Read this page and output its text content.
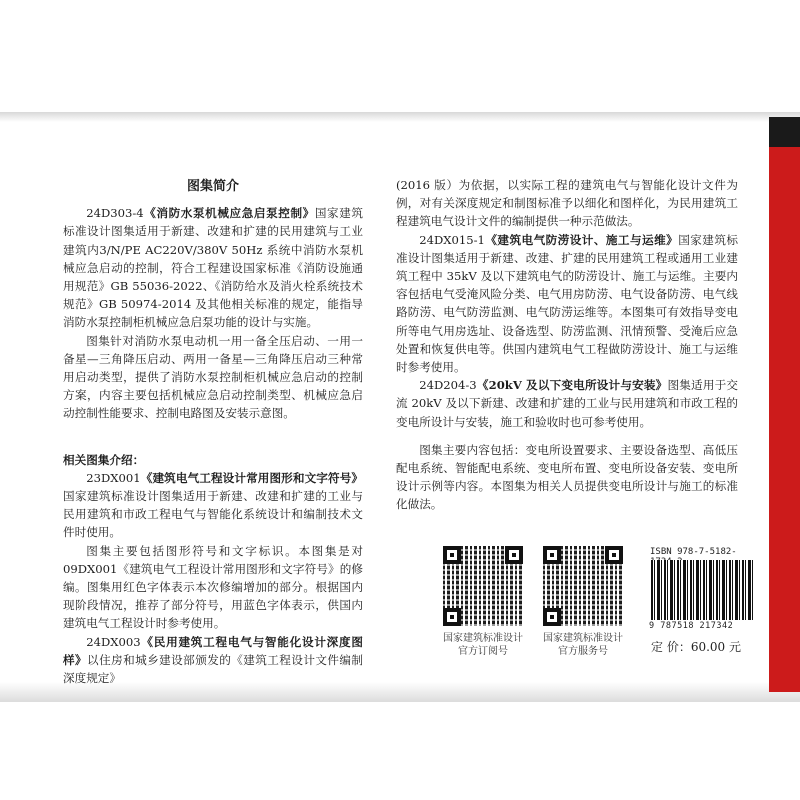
图集简介

24D303-4《消防水泵机械应急启泵控制》国家建筑标准设计图集适用于新建、改建和扩建的民用建筑与工业建筑内3/N/PE AC220V/380V 50Hz 系统中消防水泵机械应急启动的控制，符合工程建设国家标准《消防设施通用规范》GB 55036-2022、《消防给水及消火栓系统技术规范》GB 50974-2014 及其他相关标准的规定，能指导消防水泵控制柜机械应急启泵功能的设计与实施。

图集针对消防水泵电动机一用一备全压启动、一用一备星—三角降压启动、两用一备星—三角降压启动三种常用启动类型，提供了消防水泵控制柜机械应急启动的控制方案，内容主要包括机械应急启动控制类型、机械应急启动控制性能要求、控制电路图及安装示意图。

相关图集介绍：

23DX001《建筑电气工程设计常用图形和文字符号》国家建筑标准设计图集适用于新建、改建和扩建的工业与民用建筑和市政工程电气与智能化系统设计和编制技术文件时使用。

图集主要包括图形符号和文字标识。本图集是对 09DX001《建筑电气工程设计常用图形和文字符号》的修编。图集用红色字体表示本次修编增加的部分。根据国内现阶段情况，推荐了部分符号，用蓝色字体表示，供国内建筑电气工程设计时参考使用。

24DX003《民用建筑工程电气与智能化设计深度图样》以住房和城乡建设部颁发的《建筑工程设计文件编制深度规定》

(2016 版）为依据，以实际工程的建筑电气与智能化设计文件为例，对有关深度规定和制图标准予以细化和图样化，为民用建筑工程建筑电气设计文件的编制提供一种示范做法。

24DX015-1《建筑电气防涝设计、施工与运维》国家建筑标准设计图集适用于新建、改建、扩建的民用建筑工程或通用工业建筑工程中 35kV 及以下建筑电气的防涝设计、施工与运维。主要内容包括电气受淹风险分类、电气用房防涝、电气设备防涝、电气线路防涝、电气防涝监测、电气防涝运维等。本图集可有效指导变电所等电气用房选址、设备选型、防涝监测、汛情预警、受淹后应急处置和恢复供电等。供国内建筑电气工程做防涝设计、施工与运维时参考使用。

24D204-3《20kV 及以下变电所设计与安装》图集适用于交流 20kV 及以下新建、改建和扩建的工业与民用建筑和市政工程的变电所设计与安装，施工和验收时也可参考使用。

图集主要内容包括：变电所设置要求、主要设备选型、高低压配电系统、智能配电系统、变电所布置、变电所设备安装、变电所设计示例等内容。本图集为相关人员提供变电所设计与施工的标准化做法。

国家建筑标准设计
官方订阅号
国家建筑标准设计
官方服务号
ISBN 978-7-5182-
9 787518 217342
定 价：60.00 元
